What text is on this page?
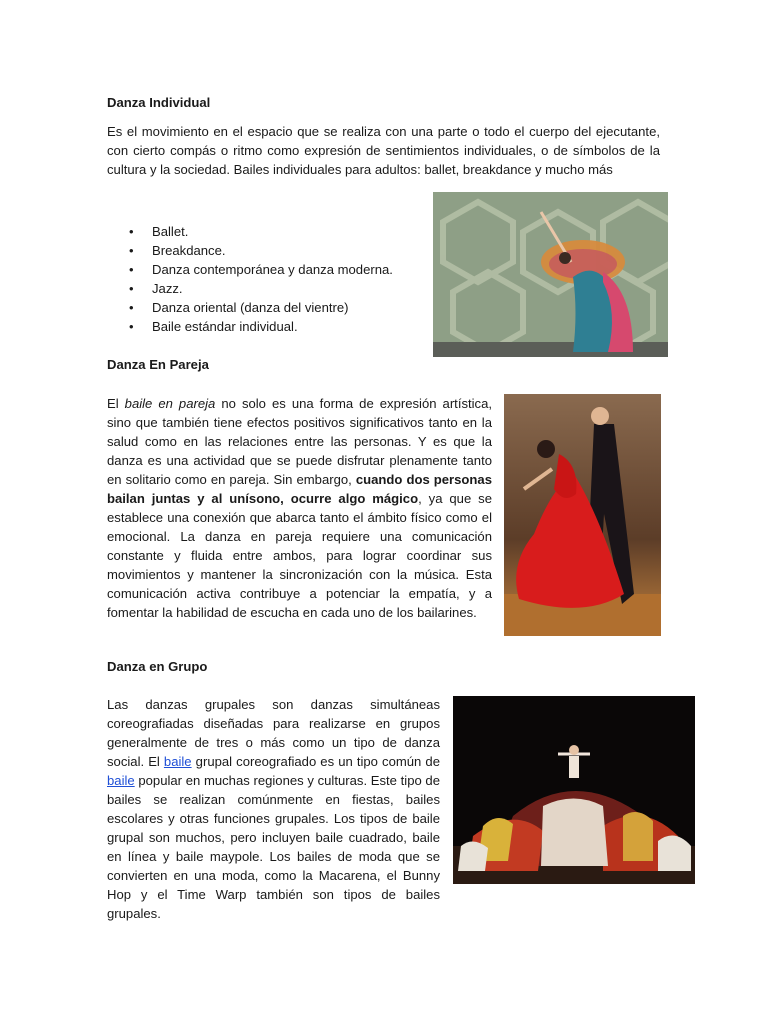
Danza Individual

Es el movimiento en el espacio que se realiza con una parte o todo el cuerpo del ejecutante, con cierto compás o ritmo como expresión de sentimientos individuales, o de símbolos de la cultura y la sociedad. Bailes individuales para adultos: ballet, breakdance y mucho más

• Ballet.
• Breakdance.
• Danza contemporánea y danza moderna.
• Jazz.
• Danza oriental (danza del vientre)
• Baile estándar individual.
Danza En Pareja

El baile en pareja no solo es una forma de expresión artística, sino que también tiene efectos positivos significativos tanto en la salud como en las relaciones entre las personas. Y es que la danza es una actividad que se puede disfrutar plenamente tanto en solitario como en pareja. Sin embargo, cuando dos personas bailan juntas y al unísono, ocurre algo mágico, ya que se establece una conexión que abarca tanto el ámbito físico como el emocional. La danza en pareja requiere una comunicación constante y fluida entre ambos, para lograr coordinar sus movimientos y mantener la sincronización con la música. Esta comunicación activa contribuye a potenciar la empatía, y a fomentar la habilidad de escucha en cada uno de los bailarines.

Danza en Grupo

Las danzas grupales son danzas simultáneas coreografiadas diseñadas para realizarse en grupos generalmente de tres o más como un tipo de danza social. El baile grupal coreografiado es un tipo común de baile popular en muchas regiones y culturas. Este tipo de bailes se realizan comúnmente en fiestas, bailes escolares y otras funciones grupales. Los tipos de baile grupal son muchos, pero incluyen baile cuadrado, baile en línea y baile maypole. Los bailes de moda que se convierten en una moda, como la Macarena, el Bunny Hop y el Time Warp también son tipos de bailes grupales.
